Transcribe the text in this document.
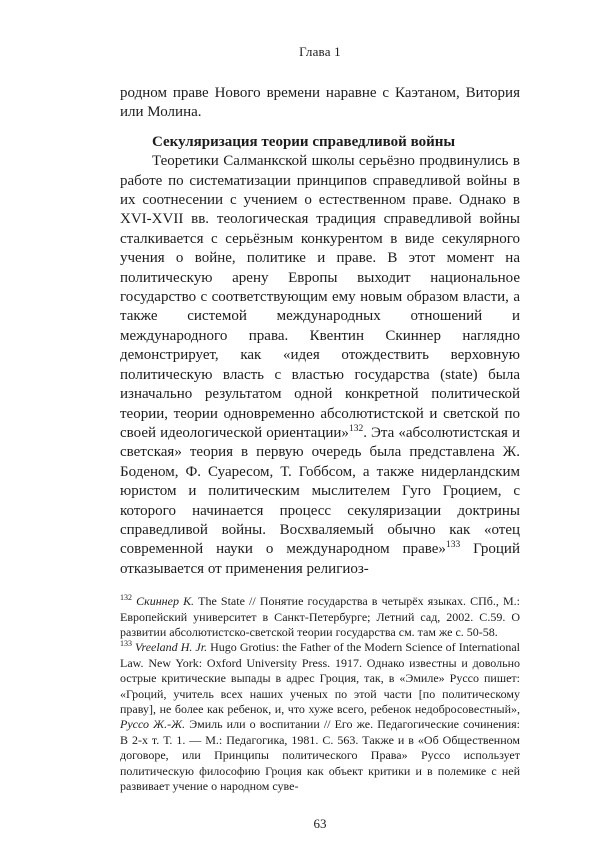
Глава 1

родном праве Нового времени наравне с Каэтаном, Витория или Молина.

Секуляризация теории справедливой войны

Теоретики Салманкской школы серьёзно продвинулись в работе по систематизации принципов справедливой войны в их соотнесении с учением о естественном праве. Однако в XVI-XVII вв. теологическая традиция справедливой войны сталкивается с серьёзным конкурентом в виде секулярного учения о войне, политике и праве. В этот момент на политическую арену Европы выходит национальное государство с соответствующим ему новым образом власти, а также системой международных отношений и международного права. Квентин Скиннер наглядно демонстрирует, как «идея отождествить верховную политическую власть с властью государства (state) была изначально результатом одной конкретной политической теории, теории одновременно абсолютистской и светской по своей идеологической ориентации»$^{132}$. Эта «абсолютистская и светская» теория в первую очередь была представлена Ж. Боденом, Ф. Суаресом, Т. Гоббсом, а также нидерландским юристом и политическим мыслителем Гуго Гроцием, с которого начинается процесс секуляризации доктрины справедливой войны. Восхваляемый обычно как «отец современной науки о международном праве»$^{133}$ Гроций отказывается от применения религиоз-

$^{132}$ Скиннер К. The State // Понятие государства в четырёх языках. СПб., М.: Европейский университет в Санкт-Петербурге; Летний сад, 2002. С.59. О развитии абсолютистско-светской теории государства см. там же с. 50-58.

$^{133}$ Vreeland H. Jr. Hugo Grotius: the Father of the Modern Science of International Law. New York: Oxford University Press. 1917. Однако известны и довольно острые критические выпады в адрес Гроция, так, в «Эмиле» Руссо пишет: «Гроций, учитель всех наших ученых по этой части [по политическому праву], не более как ребенок, и, что хуже всего, ребенок недобросовестный», Руссо Ж.-Ж. Эмиль или о воспитании // Его же. Педагогические сочинения: В 2-х т. Т. 1. — М.: Педагогика, 1981. С. 563. Также и в «Об Общественном договоре, или Принципы политического Права» Руссо использует политическую философию Гроция как объект критики и в полемике с ней развивает учение о народном суве-

63
